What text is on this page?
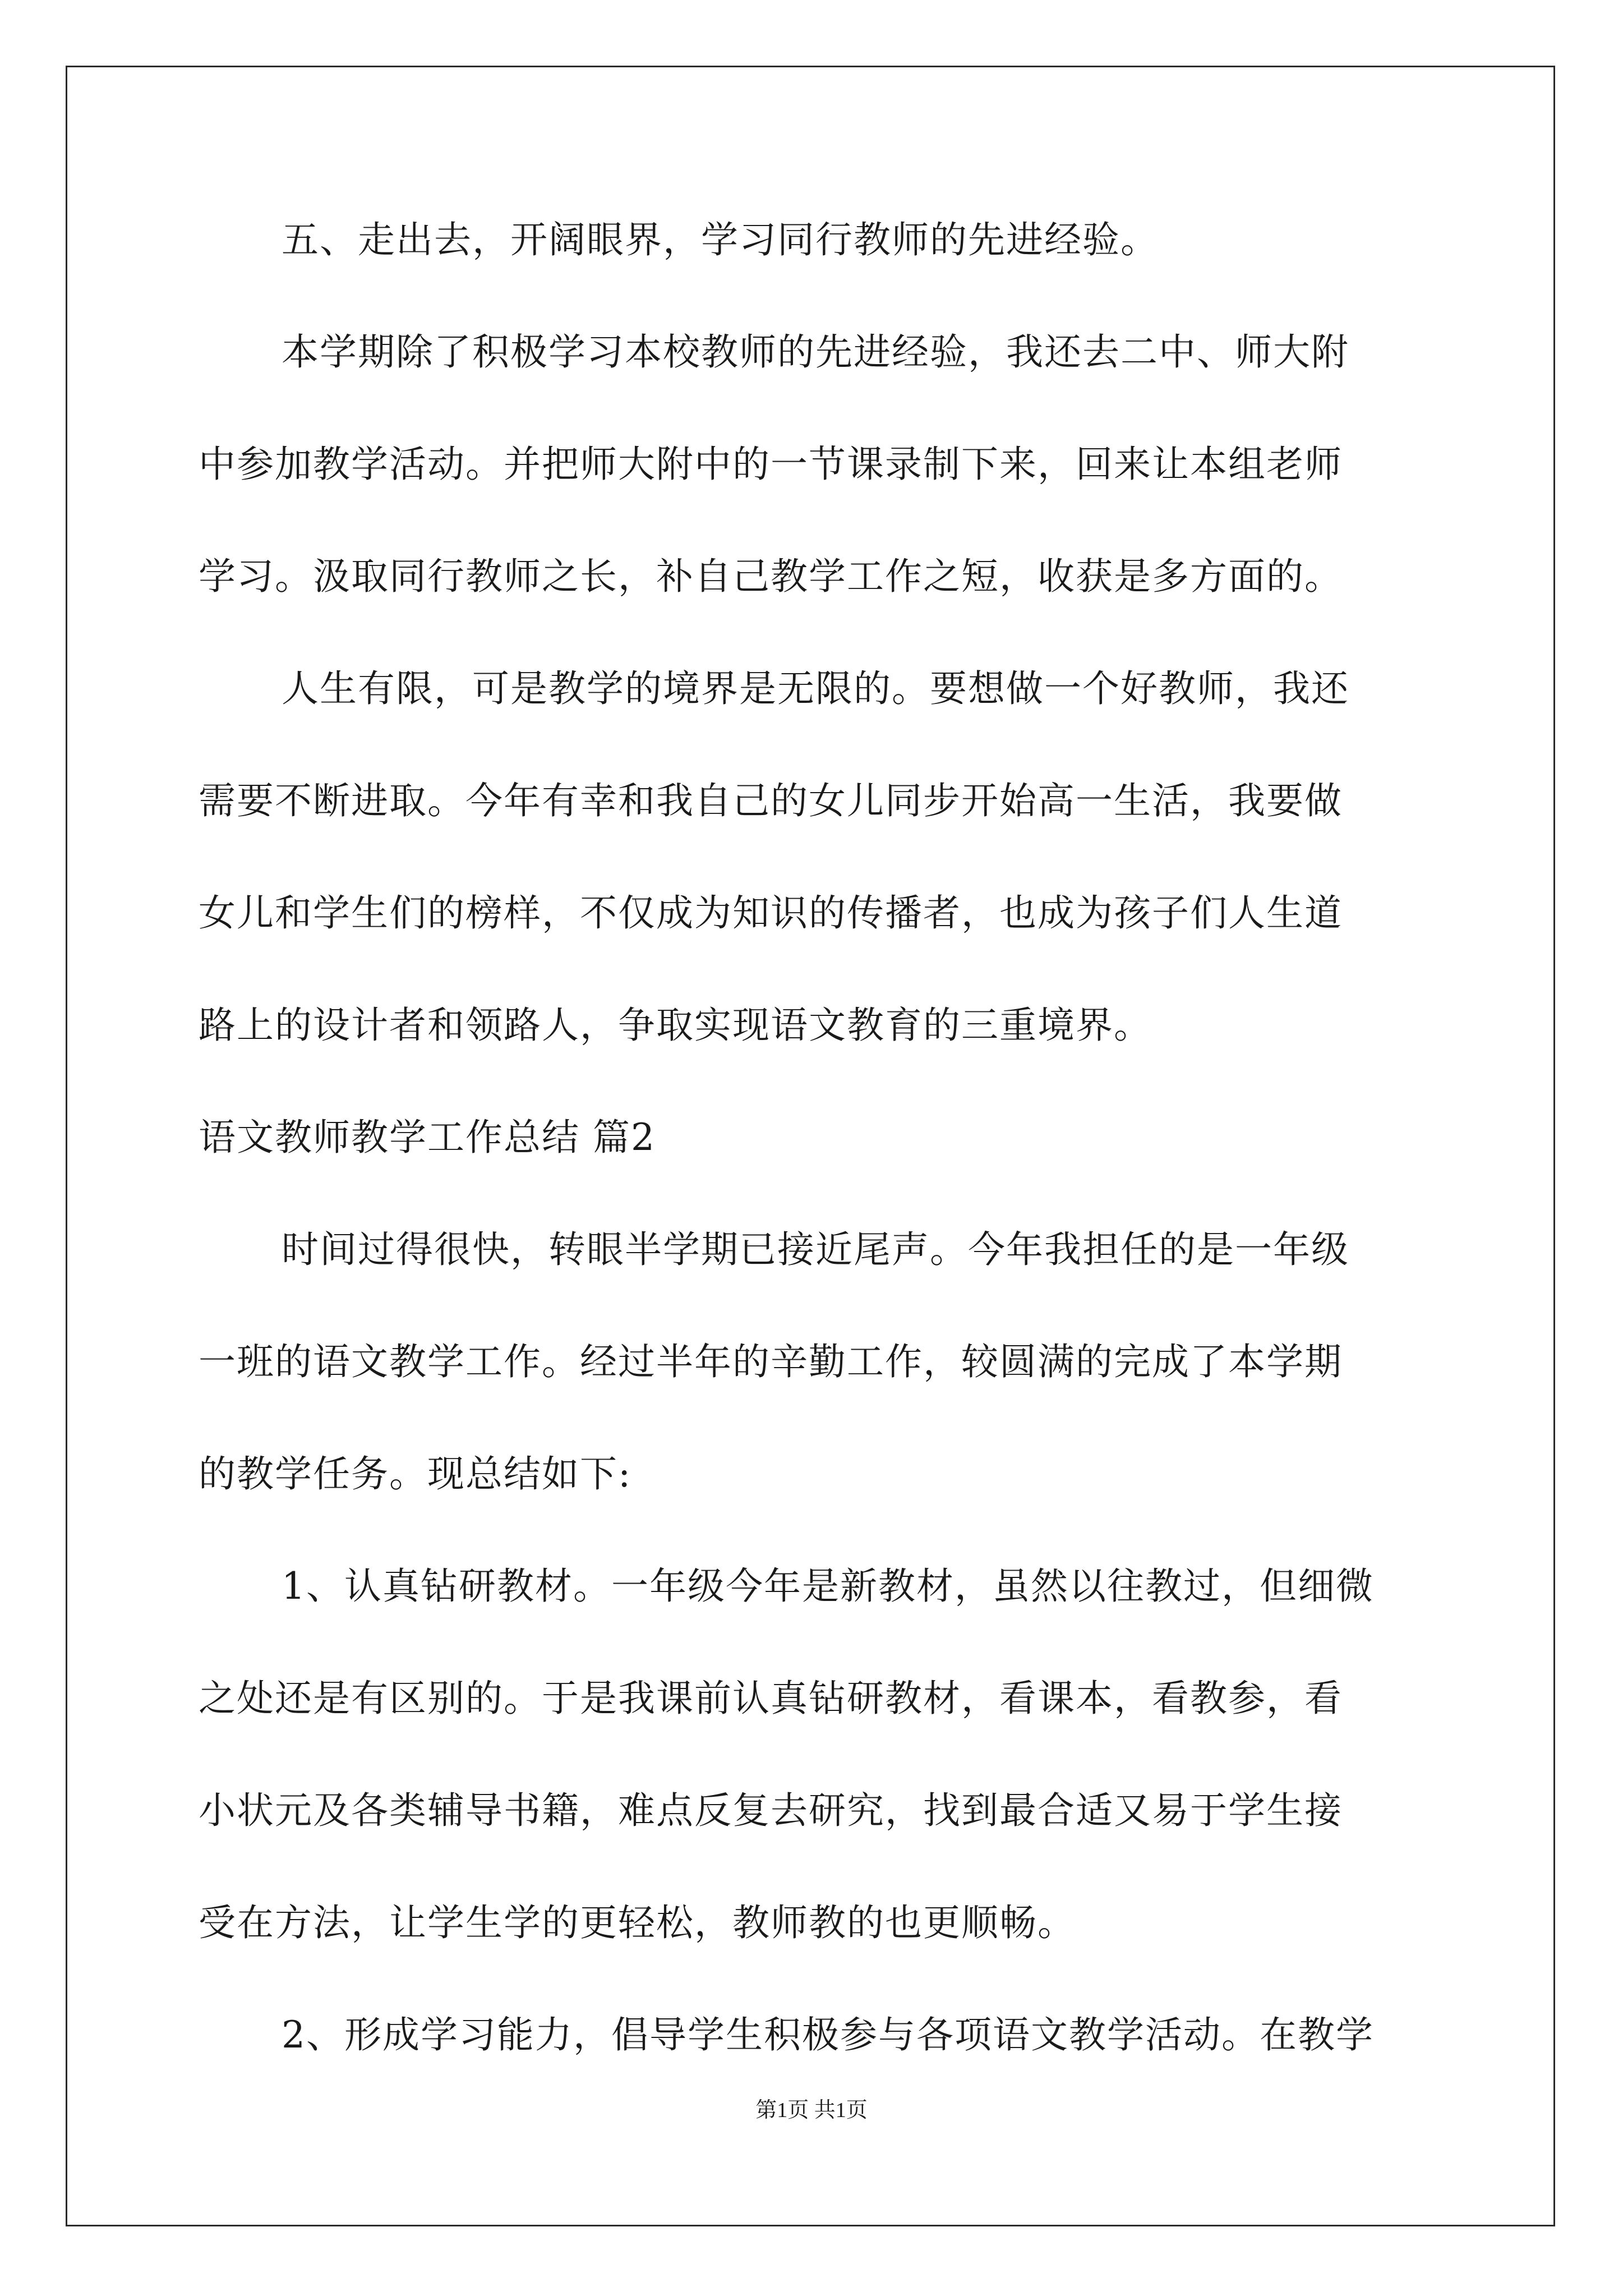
五、走出去，开阔眼界，学习同行教师的先进经验。
本学期除了积极学习本校教师的先进经验，我还去二中、师大附
中参加教学活动。并把师大附中的一节课录制下来，回来让本组老师
学习。汲取同行教师之长，补自己教学工作之短，收获是多方面的。
人生有限，可是教学的境界是无限的。要想做一个好教师，我还
需要不断进取。今年有幸和我自己的女儿同步开始高一生活，我要做
女儿和学生们的榜样，不仅成为知识的传播者，也成为孩子们人生道
路上的设计者和领路人，争取实现语文教育的三重境界。
语文教师教学工作总结 篇2
时间过得很快，转眼半学期已接近尾声。今年我担任的是一年级
一班的语文教学工作。经过半年的辛勤工作，较圆满的完成了本学期
的教学任务。现总结如下:
1、认真钻研教材。一年级今年是新教材，虽然以往教过，但细微
之处还是有区别的。于是我课前认真钻研教材，看课本，看教参，看
小状元及各类辅导书籍，难点反复去研究，找到最合适又易于学生接
受在方法，让学生学的更轻松，教师教的也更顺畅。
2、形成学习能力，倡导学生积极参与各项语文教学活动。在教学
第1页 共1页
